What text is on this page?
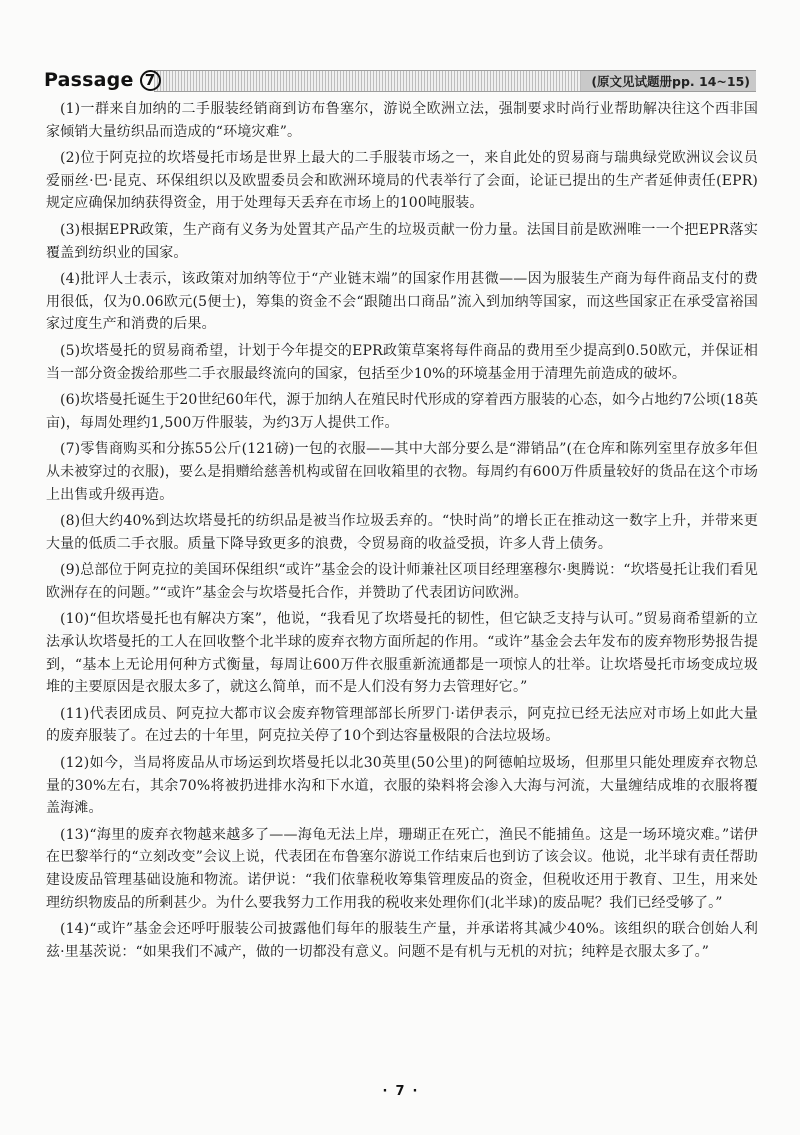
Passage 7	(原文见试题册pp. 14~15)

(1)一群来自加纳的二手服装经销商到访布鲁塞尔，游说全欧洲立法，强制要求时尚行业帮助解决往这个西非国家倾销大量纺织品而造成的“环境灾难”。

(2)位于阿克拉的坎塔曼托市场是世界上最大的二手服装市场之一，来自此处的贸易商与瑞典绿党欧洲议会议员爱丽丝·巴·昆克、环保组织以及欧盟委员会和欧洲环境局的代表举行了会面，论证已提出的生产者延伸责任(EPR)规定应确保加纳获得资金，用于处理每天丢弃在市场上的100吨服装。

(3)根据EPR政策，生产商有义务为处置其产品产生的垃圾贡献一份力量。法国目前是欧洲唯一一个把EPR落实覆盖到纺织业的国家。

(4)批评人士表示，该政策对加纳等位于“产业链末端”的国家作用甚微——因为服装生产商为每件商品支付的费用很低，仅为0.06欧元(5便士)，筹集的资金不会“跟随出口商品”流入到加纳等国家，而这些国家正在承受富裕国家过度生产和消费的后果。

(5)坎塔曼托的贸易商希望，计划于今年提交的EPR政策草案将每件商品的费用至少提高到0.50欧元，并保证相当一部分资金拨给那些二手衣服最终流向的国家，包括至少10%的环境基金用于清理先前造成的破坏。

(6)坎塔曼托诞生于20世纪60年代，源于加纳人在殖民时代形成的穿着西方服装的心态，如今占地约7公顷(18英亩)，每周处理约1,500万件服装，为约3万人提供工作。

(7)零售商购买和分拣55公斤(121磅)一包的衣服——其中大部分要么是“滞销品”(在仓库和陈列室里存放多年但从未被穿过的衣服)，要么是捐赠给慈善机构或留在回收箱里的衣物。每周约有600万件质量较好的货品在这个市场上出售或升级再造。

(8)但大约40%到达坎塔曼托的纺织品是被当作垃圾丢弃的。“快时尚”的增长正在推动这一数字上升，并带来更大量的低质二手衣服。质量下降导致更多的浪费，令贸易商的收益受损，许多人背上债务。

(9)总部位于阿克拉的美国环保组织“或许”基金会的设计师兼社区项目经理塞穆尔·奥腾说：“坎塔曼托让我们看见欧洲存在的问题。”“或许”基金会与坎塔曼托合作，并赞助了代表团访问欧洲。

(10)“但坎塔曼托也有解决方案”，他说，“我看见了坎塔曼托的韧性，但它缺乏支持与认可。”贸易商希望新的立法承认坎塔曼托的工人在回收整个北半球的废弃衣物方面所起的作用。“或许”基金会去年发布的废弃物形势报告提到，“基本上无论用何种方式衡量，每周让600万件衣服重新流通都是一项惊人的壮举。让坎塔曼托市场变成垃圾堆的主要原因是衣服太多了，就这么简单，而不是人们没有努力去管理好它。”

(11)代表团成员、阿克拉大都市议会废弃物管理部部长所罗门·诺伊表示，阿克拉已经无法应对市场上如此大量的废弃服装了。在过去的十年里，阿克拉关停了10个到达容量极限的合法垃圾场。

(12)如今，当局将废品从市场运到坎塔曼托以北30英里(50公里)的阿德帕垃圾场，但那里只能处理废弃衣物总量的30%左右，其余70%将被扔进排水沟和下水道，衣服的染料将会渗入大海与河流，大量缠结成堆的衣服将覆盖海滩。

(13)“海里的废弃衣物越来越多了——海龟无法上岸，珊瑚正在死亡，渔民不能捕鱼。这是一场环境灾难。”诺伊在巴黎举行的“立刻改变”会议上说，代表团在布鲁塞尔游说工作结束后也到访了该会议。他说，北半球有责任帮助建设废品管理基础设施和物流。诺伊说：“我们依靠税收筹集管理废品的资金，但税收还用于教育、卫生，用来处理纺织物废品的所剩甚少。为什么要我努力工作用我的税收来处理你们(北半球)的废品呢？我们已经受够了。”

(14)“或许”基金会还呼吁服装公司披露他们每年的服装生产量，并承诺将其减少40%。该组织的联合创始人利兹·里基茨说：“如果我们不减产，做的一切都没有意义。问题不是有机与无机的对抗；纯粹是衣服太多了。”

· 7 ·
